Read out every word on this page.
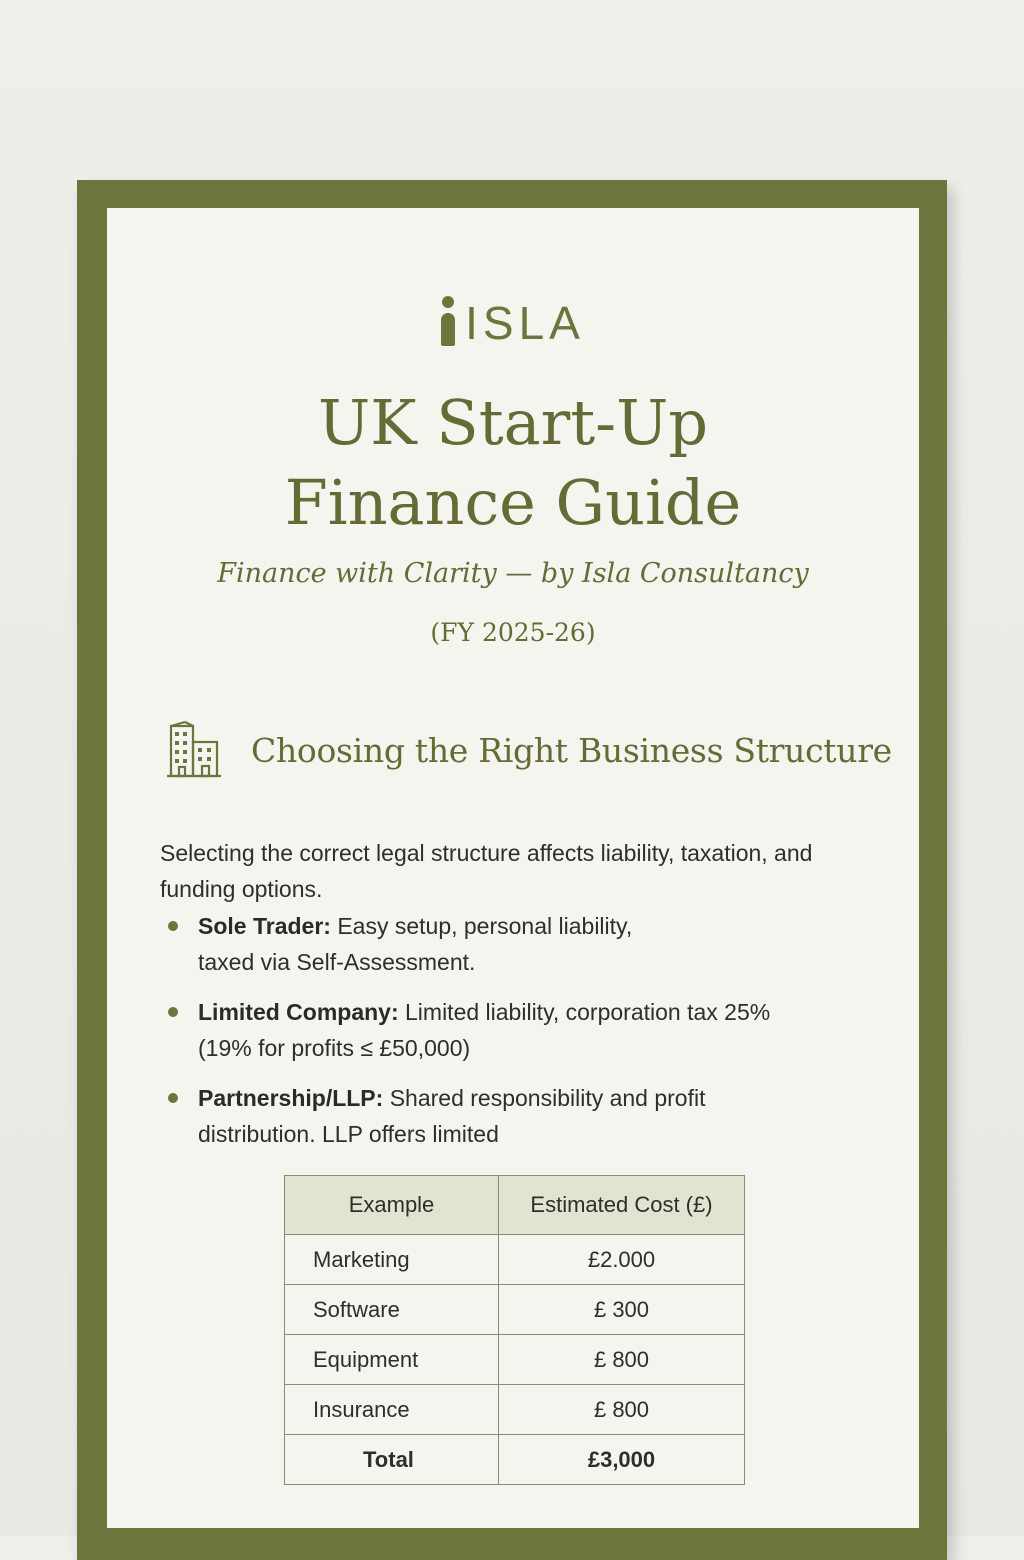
ISLA
UK Start-Up
Finance Guide
Finance with Clarity — by Isla Consultancy
(FY 2025-26)
Choosing the Right Business Structure

Selecting the correct legal structure affects liability, taxation, and funding options.

Sole Trader: Easy setup, personal liability,
taxed via Self-Assessment.
Limited Company: Limited liability, corporation tax 25%
(19% for profits ≤ £50,000)
Partnership/LLP: Shared responsibility and profit
distribution. LLP offers limited
Example	Estimated Cost (£)
Marketing	£2.000
Software	£ 300
Equipment	£ 800
Insurance	£ 800
Total	£3,000
